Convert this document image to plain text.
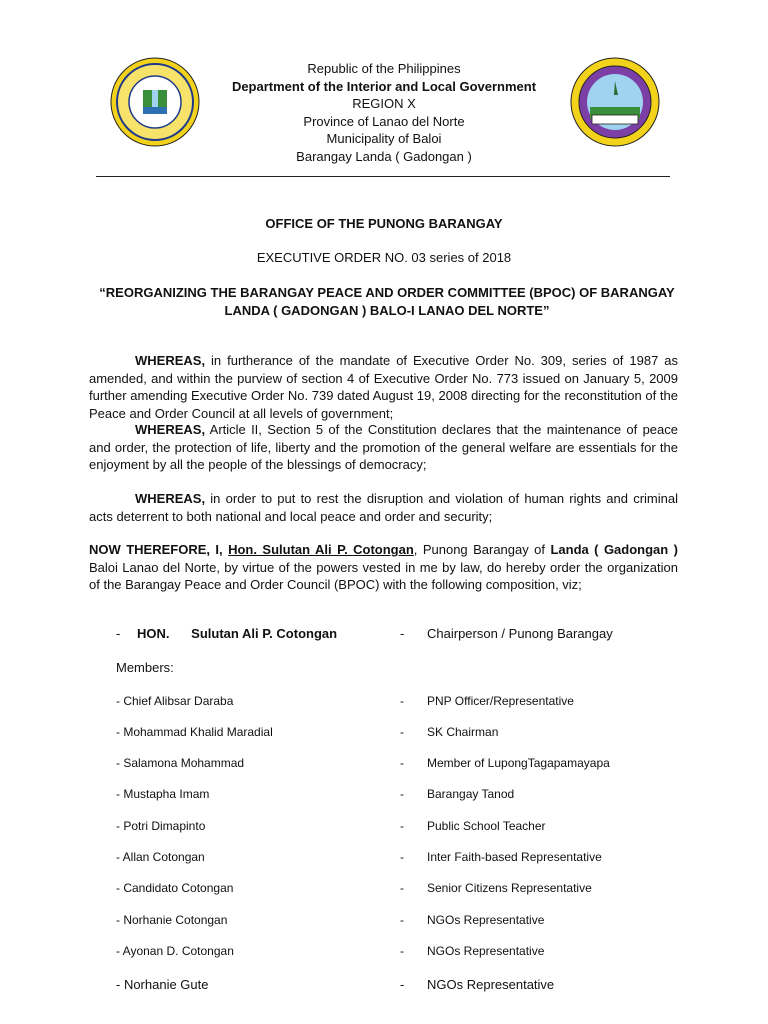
Republic of the Philippines
Department of the Interior and Local Government
REGION X
Province of Lanao del Norte
Municipality of Baloi
Barangay Landa ( Gadongan )
OFFICE OF THE PUNONG BARANGAY
EXECUTIVE ORDER NO. 03 series of 2018
“REORGANIZING THE BARANGAY PEACE AND ORDER COMMITTEE (BPOC) OF BARANGAY LANDA ( GADONGAN ) BALO-I LANAO DEL NORTE”
WHEREAS, in furtherance of the mandate of Executive Order No. 309, series of 1987 as amended, and within the purview of section 4 of Executive Order No. 773 issued on January 5, 2009 further amending Executive Order No. 739 dated August 19, 2008 directing for the reconstitution of the Peace and Order Council at all levels of government;
WHEREAS, Article II, Section 5 of the Constitution declares that the maintenance of peace and order, the protection of life, liberty and the promotion of the general welfare are essentials for the enjoyment by all the people of the blessings of democracy;
WHEREAS, in order to put to rest the disruption and violation of human rights and criminal acts deterrent to both national and local peace and order and security;
NOW THEREFORE, I, Hon. Sulutan Ali P. Cotongan, Punong Barangay of Landa ( Gadongan ) Baloi Lanao del Norte, by virtue of the powers vested in me by law, do hereby order the organization of the Barangay Peace and Order Council (BPOC) with the following composition, viz;
- HON.      Sulutan Ali P. Cotongan	- Chairperson / Punong Barangay
Members:
- Chief Alibsar Daraba	- PNP Officer/Representative
- Mohammad Khalid Maradial	- SK Chairman
- Salamona Mohammad	- Member of LupongTagapamayapa
- Mustapha Imam	- Barangay Tanod
- Potri Dimapinto	- Public School Teacher
- Allan Cotongan	- Inter Faith-based Representative
- Candidato Cotongan	- Senior Citizens Representative
- Norhanie Cotongan	- NGOs Representative
- Ayonan D. Cotongan	- NGOs Representative
- Norhanie Gute	- NGOs Representative
